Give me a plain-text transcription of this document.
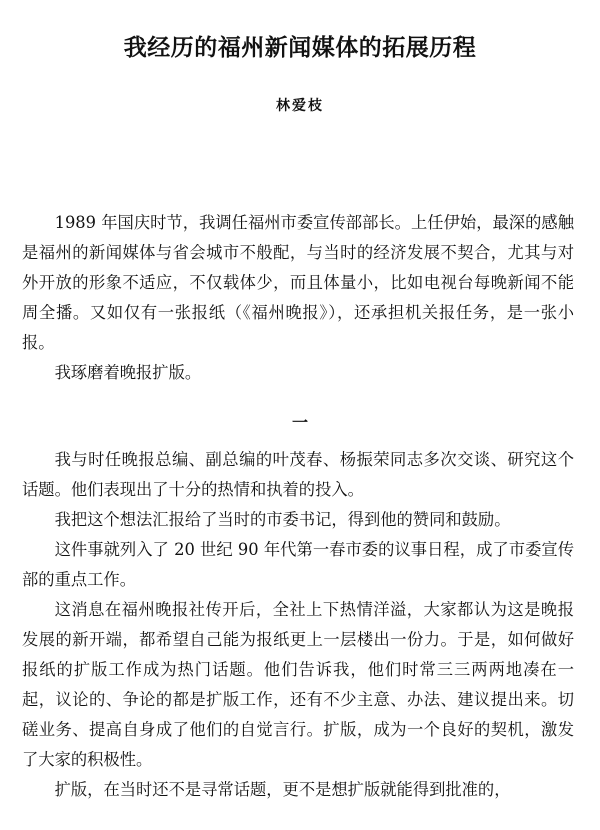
我经历的福州新闻媒体的拓展历程
林爱枝

1989 年国庆时节，我调任福州市委宣传部部长。上任伊始，最深的感触是福州的新闻媒体与省会城市不般配，与当时的经济发展不契合，尤其与对外开放的形象不适应，不仅载体少，而且体量小，比如电视台每晚新闻不能周全播。又如仅有一张报纸（《福州晚报》），还承担机关报任务，是一张小报。

我琢磨着晚报扩版。

一

我与时任晚报总编、副总编的叶茂春、杨振荣同志多次交谈、研究这个话题。他们表现出了十分的热情和执着的投入。

我把这个想法汇报给了当时的市委书记，得到他的赞同和鼓励。

这件事就列入了 20 世纪 90 年代第一春市委的议事日程，成了市委宣传部的重点工作。

这消息在福州晚报社传开后，全社上下热情洋溢，大家都认为这是晚报发展的新开端，都希望自己能为报纸更上一层楼出一份力。于是，如何做好报纸的扩版工作成为热门话题。他们告诉我，他们时常三三两两地凑在一起，议论的、争论的都是扩版工作，还有不少主意、办法、建议提出来。切磋业务、提高自身成了他们的自觉言行。扩版，成为一个良好的契机，激发了大家的积极性。

扩版，在当时还不是寻常话题，更不是想扩版就能得到批准的，
